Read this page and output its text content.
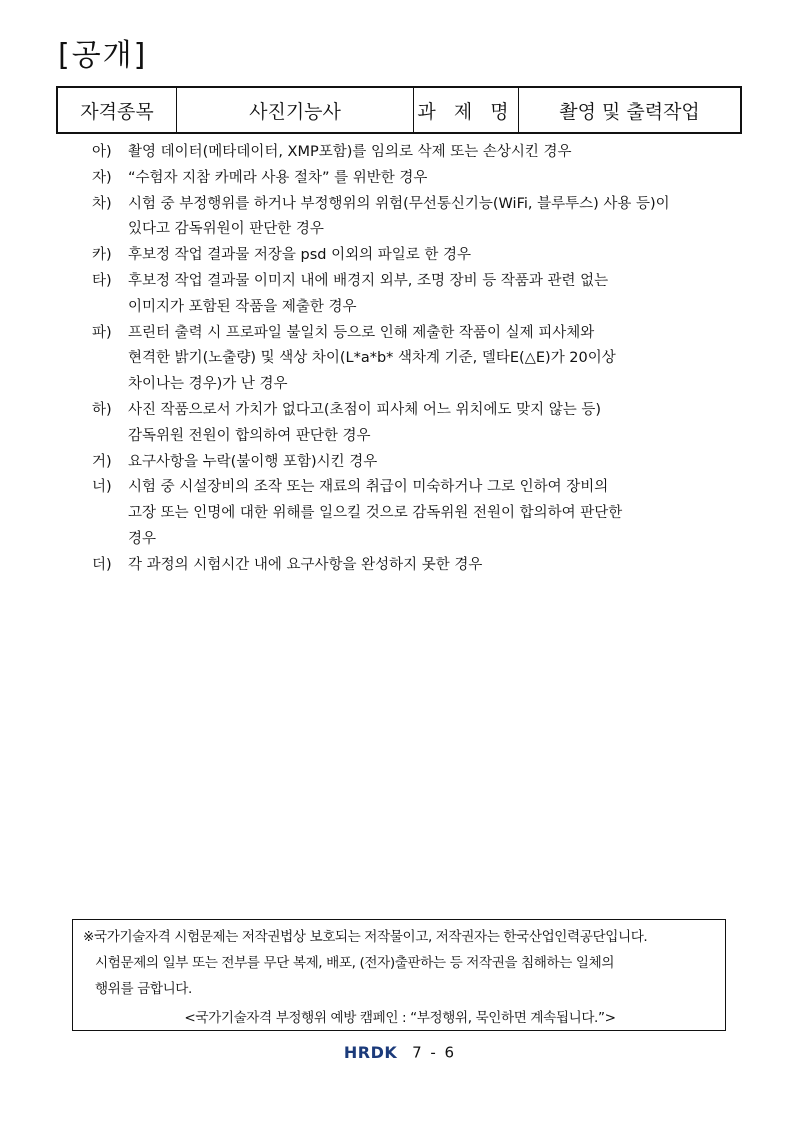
[공개]
자격종목	사진기능사	과 제 명	촬영 및 출력작업
아)	촬영 데이터(메타데이터, XMP포함)를 임의로 삭제 또는 손상시킨 경우
자)	“수험자 지참 카메라 사용 절차” 를 위반한 경우
차)	시험 중 부정행위를 하거나 부정행위의 위험(무선통신기능(WiFi, 블루투스) 사용 등)이
있다고 감독위원이 판단한 경우
카)	후보정 작업 결과물 저장을 psd 이외의 파일로 한 경우
타)	후보정 작업 결과물 이미지 내에 배경지 외부, 조명 장비 등 작품과 관련 없는
이미지가 포함된 작품을 제출한 경우
파)	프린터 출력 시 프로파일 불일치 등으로 인해 제출한 작품이 실제 피사체와
현격한 밝기(노출량) 및 색상 차이(L*a*b* 색차계 기준, 델타E(△E)가 20이상
차이나는 경우)가 난 경우
하)	사진 작품으로서 가치가 없다고(초점이 피사체 어느 위치에도 맞지 않는 등)
감독위원 전원이 합의하여 판단한 경우
거)	요구사항을 누락(불이행 포함)시킨 경우
너)	시험 중 시설장비의 조작 또는 재료의 취급이 미숙하거나 그로 인하여 장비의
고장 또는 인명에 대한 위해를 일으킬 것으로 감독위원 전원이 합의하여 판단한
경우
더)	각 과정의 시험시간 내에 요구사항을 완성하지 못한 경우
※국가기술자격 시험문제는 저작권법상 보호되는 저작물이고, 저작권자는 한국산업인력공단입니다.
시험문제의 일부 또는 전부를 무단 복제, 배포, (전자)출판하는 등 저작권을 침해하는 일체의
행위를 금합니다.
<국가기술자격 부정행위 예방 캠페인 : “부정행위, 묵인하면 계속됩니다.”>
HRDK 7 - 6
